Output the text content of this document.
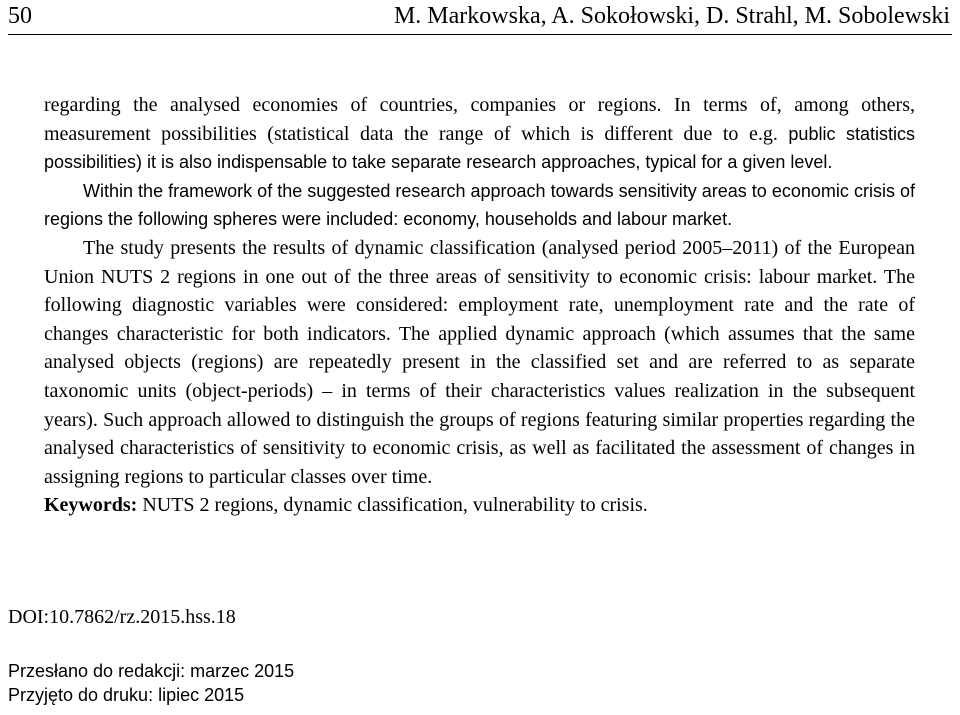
50	M. Markowska, A. Sokołowski, D. Strahl, M. Sobolewski

regarding the analysed economies of countries, companies or regions. In terms of, among others, measurement possibilities (statistical data the range of which is different due to e.g. public statistics possibilities) it is also indispensable to take separate research approaches, typical for a given level.

Within the framework of the suggested research approach towards sensitivity areas to economic crisis of regions the following spheres were included: economy, households and labour market.

The study presents the results of dynamic classification (analysed period 2005–2011) of the European Union NUTS 2 regions in one out of the three areas of sensitivity to economic crisis: labour market. The following diagnostic variables were considered: employment rate, unemployment rate and the rate of changes characteristic for both indicators. The applied dynamic approach (which assumes that the same analysed objects (regions) are repeatedly present in the classified set and are referred to as separate taxonomic units (object-periods) – in terms of their characteristics values realization in the subsequent years). Such approach allowed to distinguish the groups of regions featuring similar properties regarding the analysed characteristics of sensitivity to economic crisis, as well as facilitated the assessment of changes in assigning regions to particular classes over time.

Keywords: NUTS 2 regions, dynamic classification, vulnerability to crisis.

DOI:10.7862/rz.2015.hss.18
Przesłano do redakcji: marzec 2015
Przyjęto do druku: lipiec 2015
